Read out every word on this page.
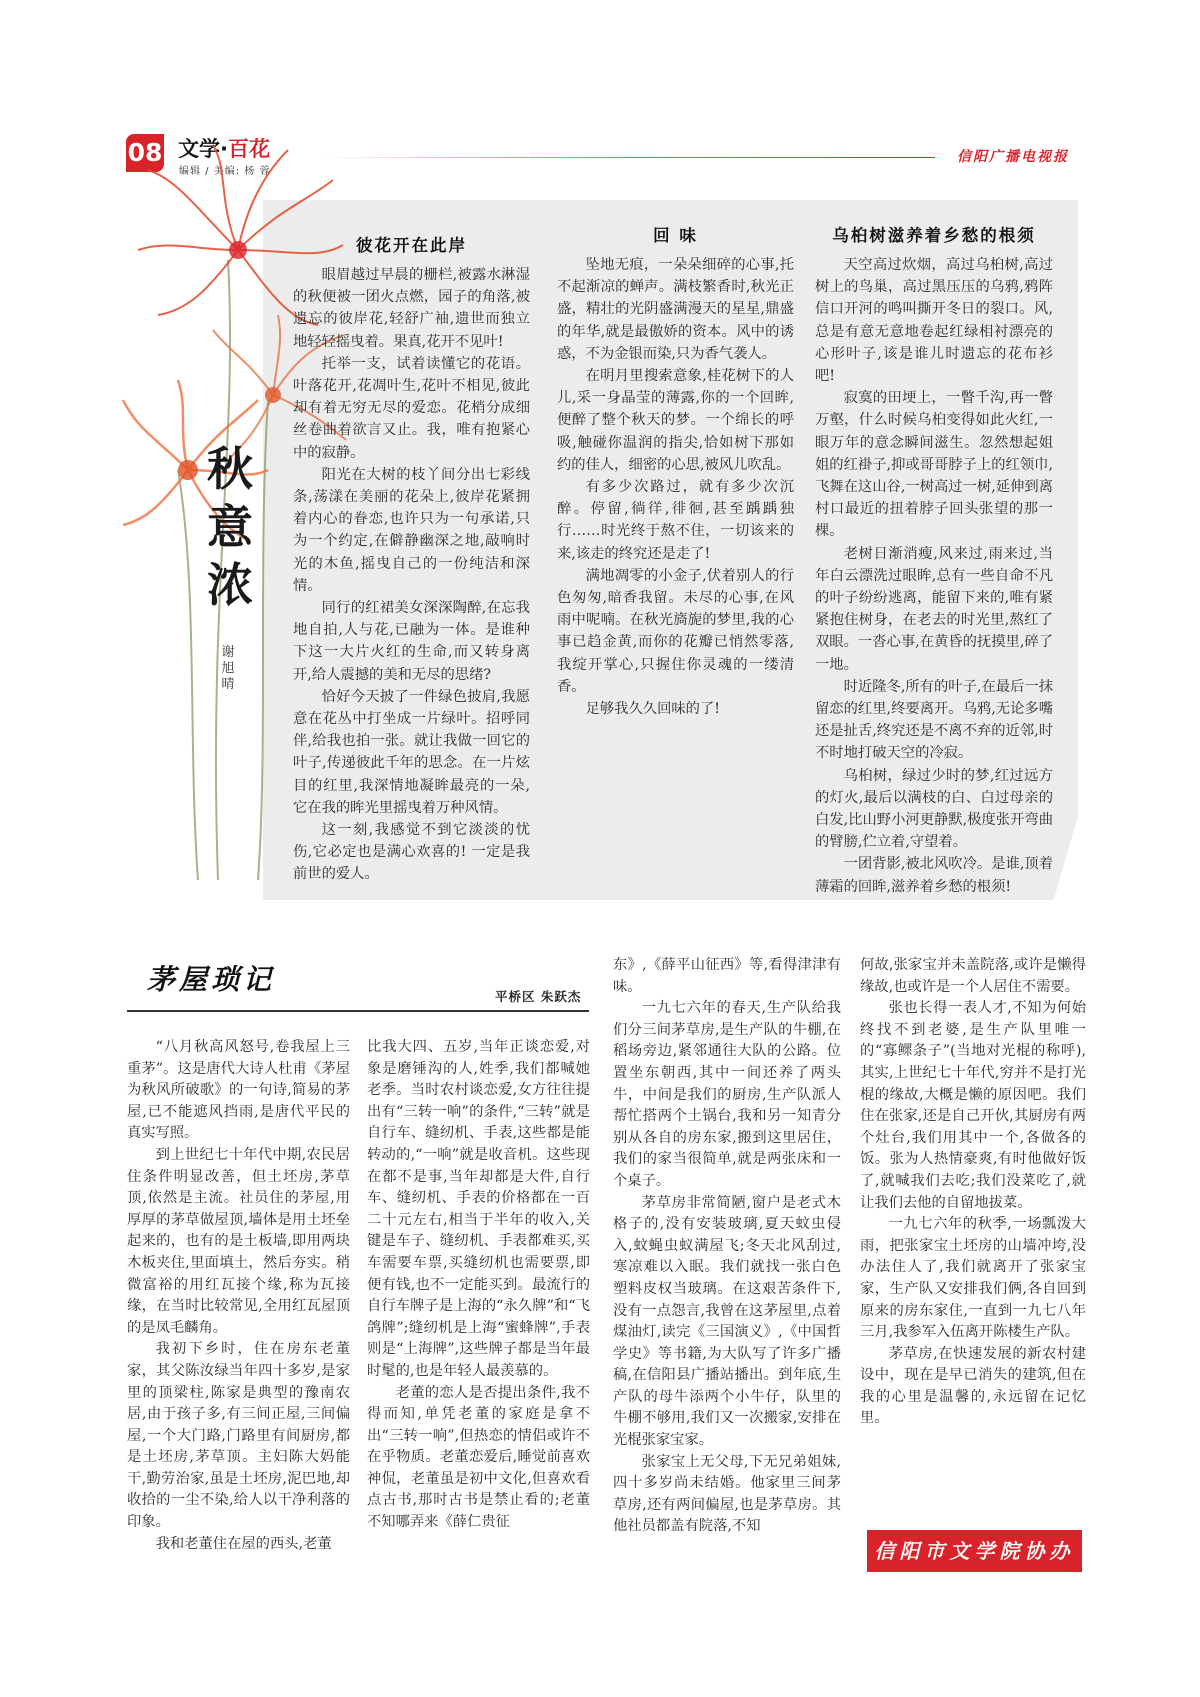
08 文学·百花
编辑 / 美编: 杨 蓉
信阳广播电视报
秋意浓
谢旭晴
彼花开在此岸

眼眉越过早晨的栅栏,被露水淋湿的秋便被一团火点燃，园子的角落,被遗忘的彼岸花,轻舒广袖,遗世而独立地轻轻摇曳着。果真,花开不见叶!

托举一支，试着读懂它的花语。叶落花开,花凋叶生,花叶不相见,彼此却有着无穷无尽的爱恋。花梢分成细丝卷曲着欲言又止。我，唯有抱紧心中的寂静。

阳光在大树的枝丫间分出七彩线条,荡漾在美丽的花朵上,彼岸花紧拥着内心的眷恋,也许只为一句承诺,只为一个约定,在僻静幽深之地,敲响时光的木鱼,摇曳自己的一份纯洁和深情。

同行的红裙美女深深陶醉,在忘我地自拍,人与花,已融为一体。是谁种下这一大片火红的生命,而又转身离开,给人震撼的美和无尽的思绪?

恰好今天披了一件绿色披肩,我愿意在花丛中打坐成一片绿叶。招呼同伴,给我也拍一张。就让我做一回它的叶子,传递彼此千年的思念。在一片炫目的红里,我深情地凝眸最亮的一朵,它在我的眸光里摇曳着万种风情。

这一刻,我感觉不到它淡淡的忧伤,它必定也是满心欢喜的! 一定是我前世的爱人。

回 味

坠地无痕，一朵朵细碎的心事,托不起渐凉的蝉声。满枝繁香时,秋光正盛，精壮的光阴盛满漫天的星星,鼎盛的年华,就是最傲娇的资本。风中的诱惑，不为金银而染,只为香气袭人。

在明月里搜索意象,桂花树下的人儿,采一身晶莹的薄露,你的一个回眸,便醉了整个秋天的梦。一个绵长的呼吸,触碰你温润的指尖,恰如树下那如约的佳人，细密的心思,被风儿吹乱。

有多少次路过，就有多少次沉醉。停留,徜徉,徘徊,甚至踽踽独行……时光终于熬不住，一切该来的来,该走的终究还是走了!

满地凋零的小金子,伏着别人的行色匆匆,暗香我留。未尽的心事,在风雨中呢喃。在秋光旖旎的梦里,我的心事已趋金黄,而你的花瓣已悄然零落,我绽开掌心,只握住你灵魂的一缕清香。

足够我久久回味的了!

乌桕树滋养着乡愁的根须

天空高过炊烟，高过乌桕树,高过树上的鸟巢，高过黑压压的乌鸦,鸦阵信口开河的鸣叫撕开冬日的裂口。风,总是有意无意地卷起红绿相衬漂亮的心形叶子,该是谁儿时遗忘的花布衫吧!

寂寞的田埂上，一瞥千沟,再一瞥万壑，什么时候乌桕变得如此火红,一眼万年的意念瞬间滋生。忽然想起姐姐的红褂子,抑或哥哥脖子上的红领巾,飞舞在这山谷,一树高过一树,延伸到离村口最近的扭着脖子回头张望的那一棵。

老树日渐消瘦,风来过,雨来过,当年白云漂洗过眼眸,总有一些自命不凡的叶子纷纷逃离，能留下来的,唯有紧紧抱住树身，在老去的时光里,熬红了双眼。一沓心事,在黄昏的抚摸里,碎了一地。

时近隆冬,所有的叶子,在最后一抹留恋的红里,终要离开。乌鸦,无论多嘴还是扯舌,终究还是不离不弃的近邻,时不时地打破天空的冷寂。

乌桕树，绿过少时的梦,红过远方的灯火,最后以满枝的白、白过母亲的白发,比山野小河更静默,极度张开弯曲的臂膀,伫立着,守望着。

一团背影,被北风吹冷。是谁,顶着薄霜的回眸,滋养着乡愁的根须!

茅屋琐记
平桥区 朱跃杰

“八月秋高风怒号,卷我屋上三重茅”。这是唐代大诗人杜甫《茅屋为秋风所破歌》的一句诗,简易的茅屋,已不能遮风挡雨,是唐代平民的真实写照。

到上世纪七十年代中期,农民居住条件明显改善，但土坯房,茅草顶,依然是主流。社员住的茅屋,用厚厚的茅草做屋顶,墙体是用土坯垒起来的，也有的是土板墙,即用两块木板夹住,里面填土，然后夯实。稍微富裕的用红瓦接个缘,称为瓦接缘，在当时比较常见,全用红瓦屋顶的是凤毛麟角。

我初下乡时，住在房东老董家，其父陈汝绿当年四十多岁,是家里的顶梁柱,陈家是典型的豫南农居,由于孩子多,有三间正屋,三间偏屋,一个大门路,门路里有间厨房,都是土坯房,茅草顶。主妇陈大妈能干,勤劳治家,虽是土坯房,泥巴地,却收拾的一尘不染,给人以干净利落的印象。

我和老董住在屋的西头,老董

比我大四、五岁,当年正谈恋爱,对象是磨锤沟的人,姓季,我们都喊她老季。当时农村谈恋爱,女方往往提出有“三转一响”的条件,“三转”就是自行车、缝纫机、手表,这些都是能转动的,“一响”就是收音机。这些现在都不是事,当年却都是大件,自行车、缝纫机、手表的价格都在一百二十元左右,相当于半年的收入,关键是车子、缝纫机、手表都难买,买车需要车票,买缝纫机也需要票,即便有钱,也不一定能买到。最流行的自行车牌子是上海的“永久牌”和“飞鸽牌”;缝纫机是上海“蜜蜂牌”,手表则是“上海牌”,这些牌子都是当年最时髦的,也是年轻人最羡慕的。

老董的恋人是否提出条件,我不得而知,单凭老董的家庭是拿不出“三转一响”,但热恋的情侣或许不在乎物质。老董恋爱后,睡觉前喜欢神侃，老董虽是初中文化,但喜欢看点古书,那时古书是禁止看的;老董不知哪弄来《薛仁贵征

东》,《薛平山征西》等,看得津津有味。

一九七六年的春天,生产队给我们分三间茅草房,是生产队的牛棚,在稻场旁边,紧邻通往大队的公路。位置坐东朝西,其中一间还养了两头牛，中间是我们的厨房,生产队派人帮忙搭两个土锅台,我和另一知青分别从各自的房东家,搬到这里居住，我们的家当很简单,就是两张床和一个桌子。

茅草房非常简陋,窗户是老式木格子的,没有安装玻璃,夏天蚊虫侵入,蚊蝇虫蚁满屋飞;冬天北风刮过,寒凉难以入眠。我们就找一张白色塑料皮权当玻璃。在这艰苦条件下,没有一点怨言,我曾在这茅屋里,点着煤油灯,读完《三国演义》,《中国哲学史》等书籍,为大队写了许多广播稿,在信阳县广播站播出。到年底,生产队的母牛添两个小牛仔，队里的牛棚不够用,我们又一次搬家,安排在光棍张家宝家。

张家宝上无父母,下无兄弟姐妹,四十多岁尚未结婚。他家里三间茅草房,还有两间偏屋,也是茅草房。其他社员都盖有院落,不知

何故,张家宝并未盖院落,或许是懒得缘故,也或许是一个人居住不需要。

张也长得一表人才,不知为何始终找不到老婆,是生产队里唯一的“寡鳏条子”(当地对光棍的称呼),其实,上世纪七十年代,穷并不是打光棍的缘故,大概是懒的原因吧。我们住在张家,还是自己开伙,其厨房有两个灶台,我们用其中一个,各做各的饭。张为人热情豪爽,有时他做好饭了,就喊我们去吃;我们没菜吃了,就让我们去他的自留地拔菜。

一九七六年的秋季,一场瓢泼大雨，把张家宝土坯房的山墙冲垮,没办法住人了,我们就离开了张家宝家，生产队又安排我们俩,各自回到原来的房东家住,一直到一九七八年三月,我参军入伍离开陈楼生产队。

茅草房,在快速发展的新农村建设中，现在是早已消失的建筑,但在我的心里是温馨的,永远留在记忆里。

信阳市文学院协办
